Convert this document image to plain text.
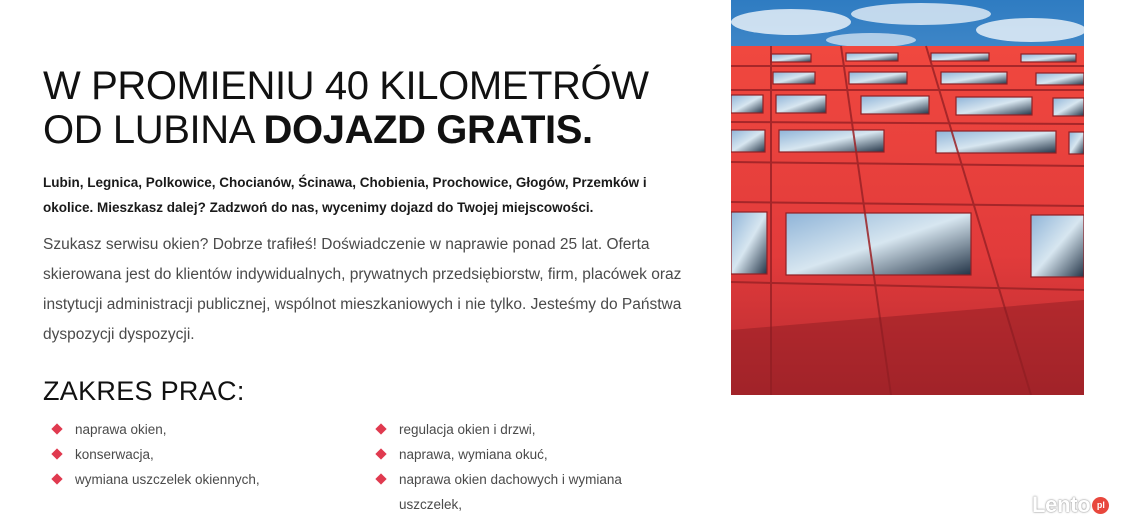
W PROMIENIU 40 KILOMETRÓW OD LUBINA DOJAZD GRATIS.

Lubin, Legnica, Polkowice, Chocianów, Ścinawa, Chobienia, Prochowice, Głogów, Przemków i okolice. Mieszkasz dalej? Zadzwoń do nas, wycenimy dojazd do Twojej miejscowości.

Szukasz serwisu okien? Dobrze trafiłeś! Doświadczenie w naprawie ponad 25 lat. Oferta skierowana jest do klientów indywidualnych, prywatnych przedsiębiorstw, firm, placówek oraz instytucji administracji publicznej, wspólnot mieszkaniowych i nie tylko. Jesteśmy do Państwa dyspozycji dyspozycji.

ZAKRES PRAC:
naprawa okien,
konserwacja,
wymiana uszczelek okiennych,
regulacja okien i drzwi,
naprawa, wymiana okuć,
naprawa okien dachowych i wymiana uszczelek,	Lento pl
